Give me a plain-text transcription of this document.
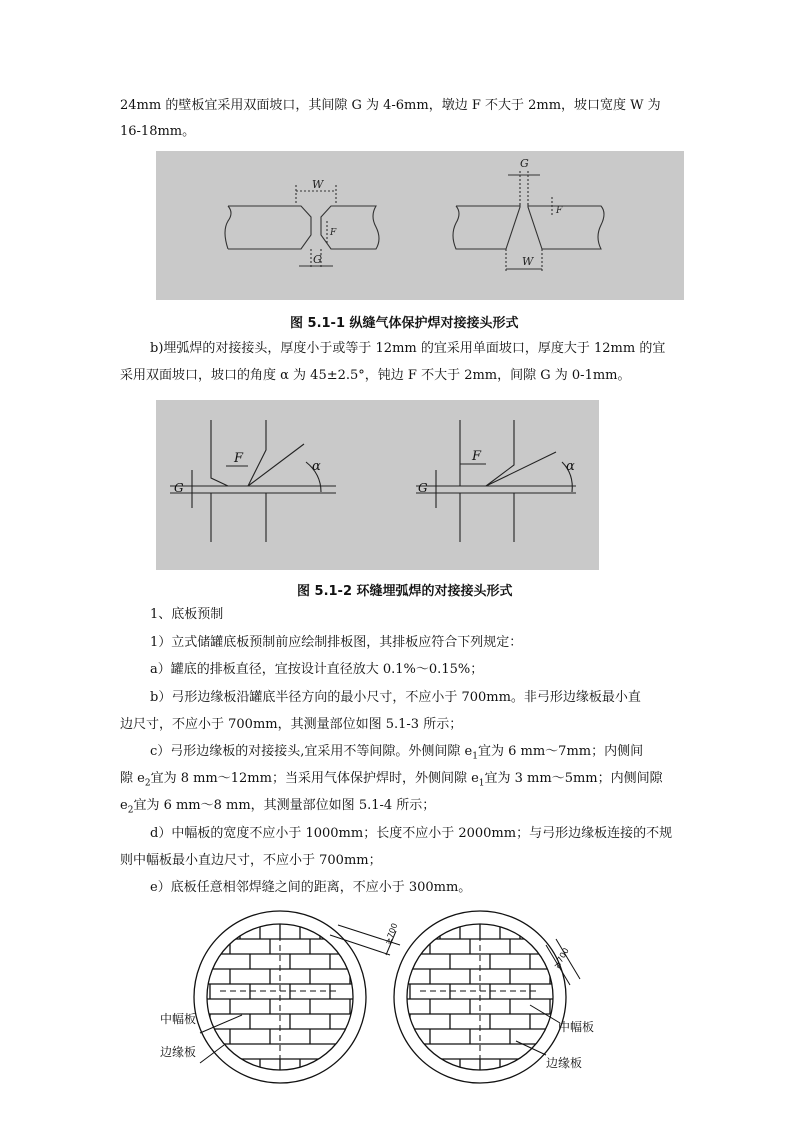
24mm 的壁板宜采用双面坡口，其间隙 G 为 4-6mm，墩边 F 不大于 2mm，坡口宽度 W 为
16-18mm。
W
G
F
G
W
F
图 5.1-1 纵缝气体保护焊对接接头形式
b)埋弧焊的对接接头，厚度小于或等于 12mm 的宜采用单面坡口，厚度大于 12mm 的宜
采用双面坡口，坡口的角度 α 为 45±2.5°，钝边 F 不大于 2mm，间隙 G 为 0-1mm。
F
G
α
F
G
α
图 5.1-2 环缝埋弧焊的对接接头形式
1、底板预制
1）立式储罐底板预制前应绘制排板图，其排板应符合下列规定：
a）罐底的排板直径，宜按设计直径放大 0.1%～0.15%；
b）弓形边缘板沿罐底半径方向的最小尺寸，不应小于 700mm。非弓形边缘板最小直
边尺寸，不应小于 700mm，其测量部位如图 5.1-3 所示；
c）弓形边缘板的对接接头,宜采用不等间隙。外侧间隙 $e_1$宜为 6 mm～7mm；内侧间
隙 $e_2$宜为 8 mm～12mm；当采用气体保护焊时，外侧间隙 $e_1$宜为 3 mm～5mm；内侧间隙
$e_2$宜为 6 mm～8 mm，其测量部位如图 5.1-4 所示；
d）中幅板的宽度不应小于 1000mm；长度不应小于 2000mm；与弓形边缘板连接的不规
则中幅板最小直边尺寸，不应小于 700mm；
e）底板任意相邻焊缝之间的距离，不应小于 300mm。
≥700
中幅板
边缘板
≥700
中幅板
边缘板
